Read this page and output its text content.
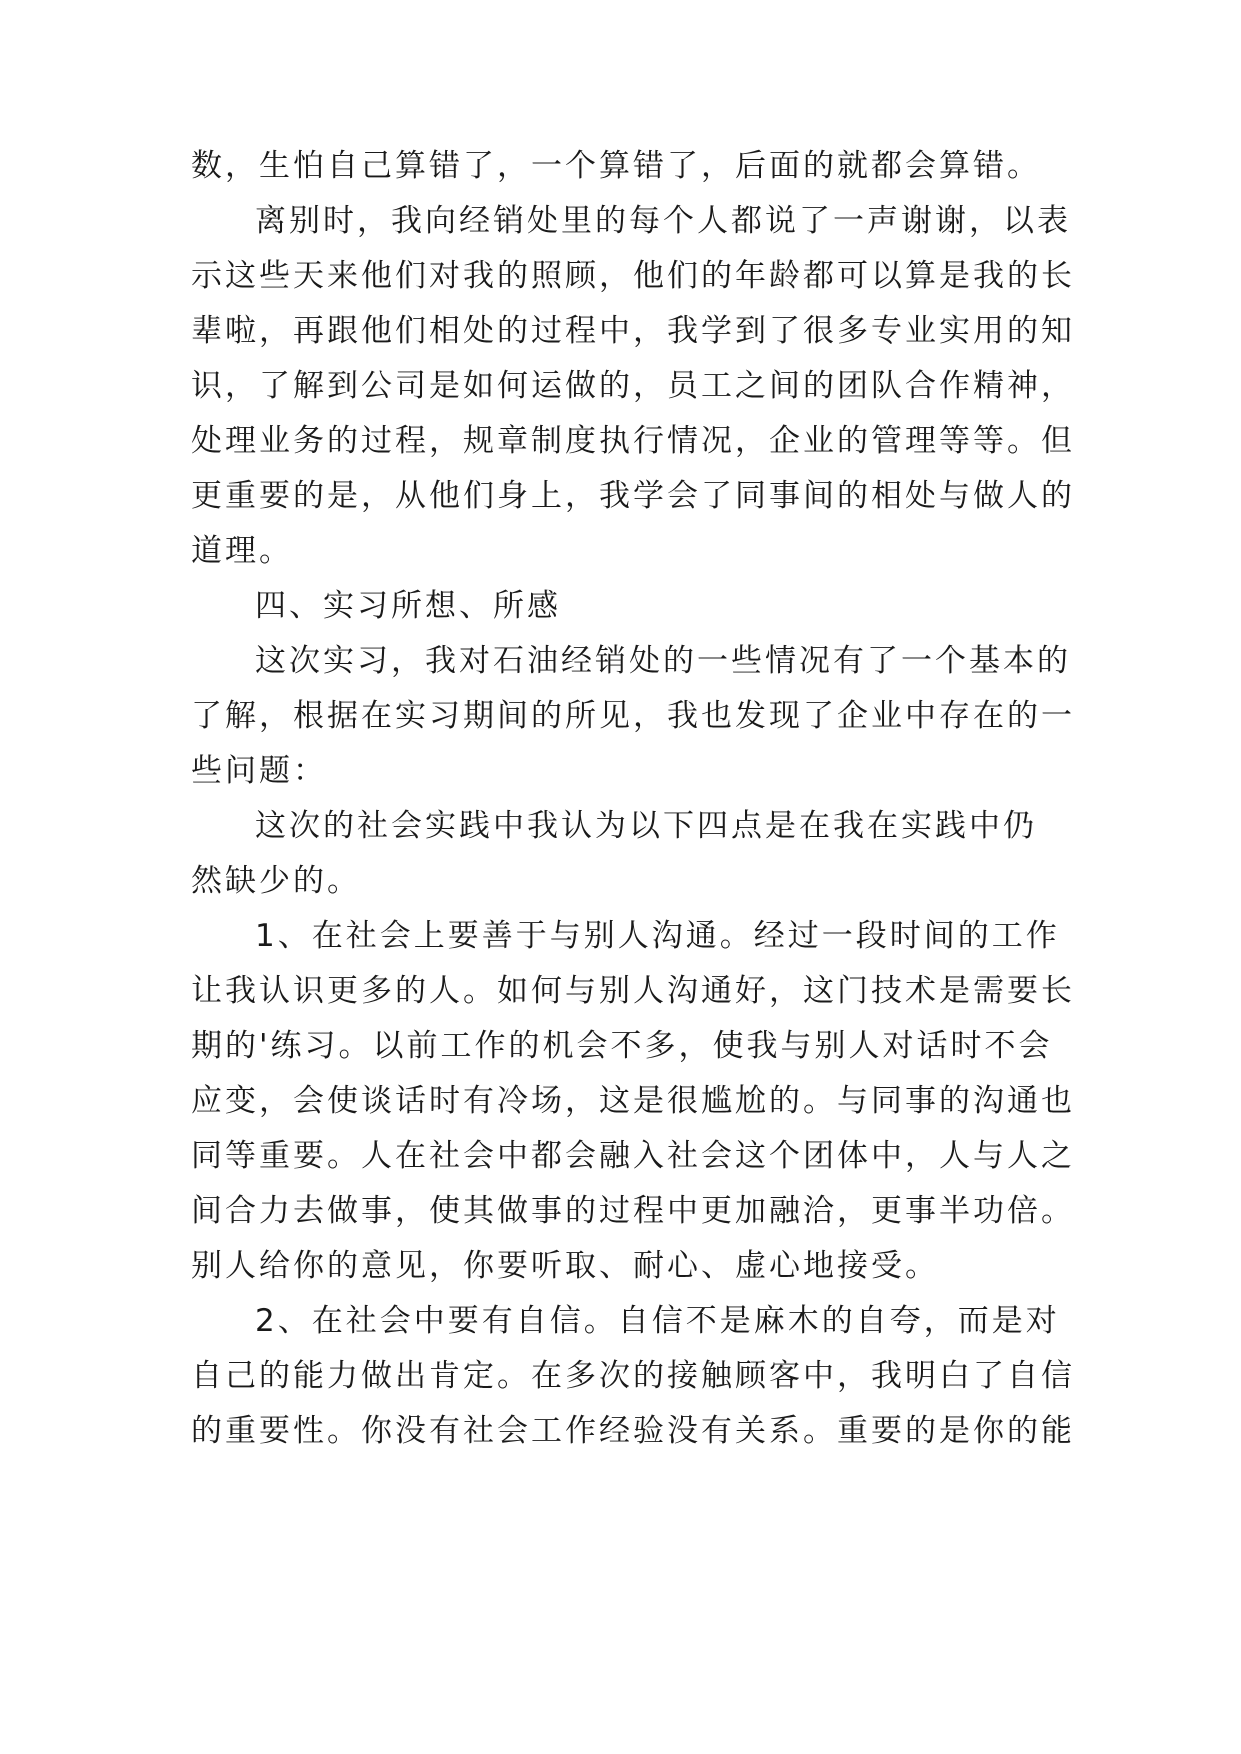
数，生怕自己算错了，一个算错了，后面的就都会算错。

离别时，我向经销处里的每个人都说了一声谢谢，以表

示这些天来他们对我的照顾，他们的年龄都可以算是我的长

辈啦，再跟他们相处的过程中，我学到了很多专业实用的知

识，了解到公司是如何运做的，员工之间的团队合作精神，

处理业务的过程，规章制度执行情况，企业的管理等等。但

更重要的是，从他们身上，我学会了同事间的相处与做人的

道理。

四、实习所想、所感

这次实习，我对石油经销处的一些情况有了一个基本的

了解，根据在实习期间的所见，我也发现了企业中存在的一

些问题：

这次的社会实践中我认为以下四点是在我在实践中仍

然缺少的。

1、在社会上要善于与别人沟通。经过一段时间的工作

让我认识更多的人。如何与别人沟通好，这门技术是需要长

期的'练习。以前工作的机会不多，使我与别人对话时不会

应变，会使谈话时有冷场，这是很尴尬的。与同事的沟通也

同等重要。人在社会中都会融入社会这个团体中，人与人之

间合力去做事，使其做事的过程中更加融洽，更事半功倍。

别人给你的意见，你要听取、耐心、虚心地接受。

2、在社会中要有自信。自信不是麻木的自夸，而是对

自己的能力做出肯定。在多次的接触顾客中，我明白了自信

的重要性。你没有社会工作经验没有关系。重要的是你的能
